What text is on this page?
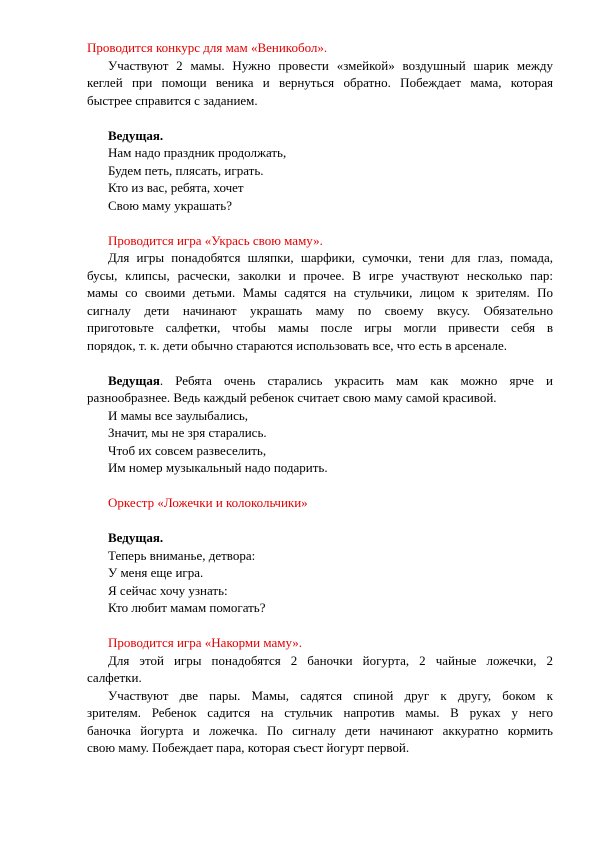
Проводится конкурс для мам «Веникобол».
Участвуют 2 мамы. Нужно провести «змейкой» воздушный шарик между
кеглей при помощи веника и вернуться обратно. Побеждает мама, которая
быстрее справится с заданием.
Ведущая.
Нам надо праздник продолжать,
Будем петь, плясать, играть.
Кто из вас, ребята, хочет
Свою маму украшать?
Проводится игра «Укрась свою маму».
Для игры понадобятся шляпки, шарфики, сумочки, тени для глаз, помада,
бусы, клипсы, расчески, заколки и прочее. В игре участвуют несколько пар:
мамы со своими детьми. Мамы садятся на стульчики, лицом к зрителям. По
сигналу дети начинают украшать маму по своему вкусу. Обязательно
приготовьте салфетки, чтобы мамы после игры могли привести себя в
порядок, т. к. дети обычно стараются использовать все, что есть в арсенале.
Ведущая. Ребята очень старались украсить мам как можно ярче и
разнообразнее. Ведь каждый ребенок считает свою маму самой красивой.
И мамы все заулыбались,
Значит, мы не зря старались.
Чтоб их совсем развеселить,
Им номер музыкальный надо подарить.
Оркестр «Ложечки и колокольчики»
Ведущая.
Теперь вниманье, детвора:
У меня еще игра.
Я сейчас хочу узнать:
Кто любит мамам помогать?
Проводится игра «Накорми маму».
Для этой игры понадобятся 2 баночки йогурта, 2 чайные ложечки, 2
салфетки.
Участвуют две пары. Мамы, садятся спиной друг к другу, боком к
зрителям. Ребенок садится на стульчик напротив мамы. В руках у него
баночка йогурта и ложечка. По сигналу дети начинают аккуратно кормить
свою маму. Побеждает пара, которая съест йогурт первой.
